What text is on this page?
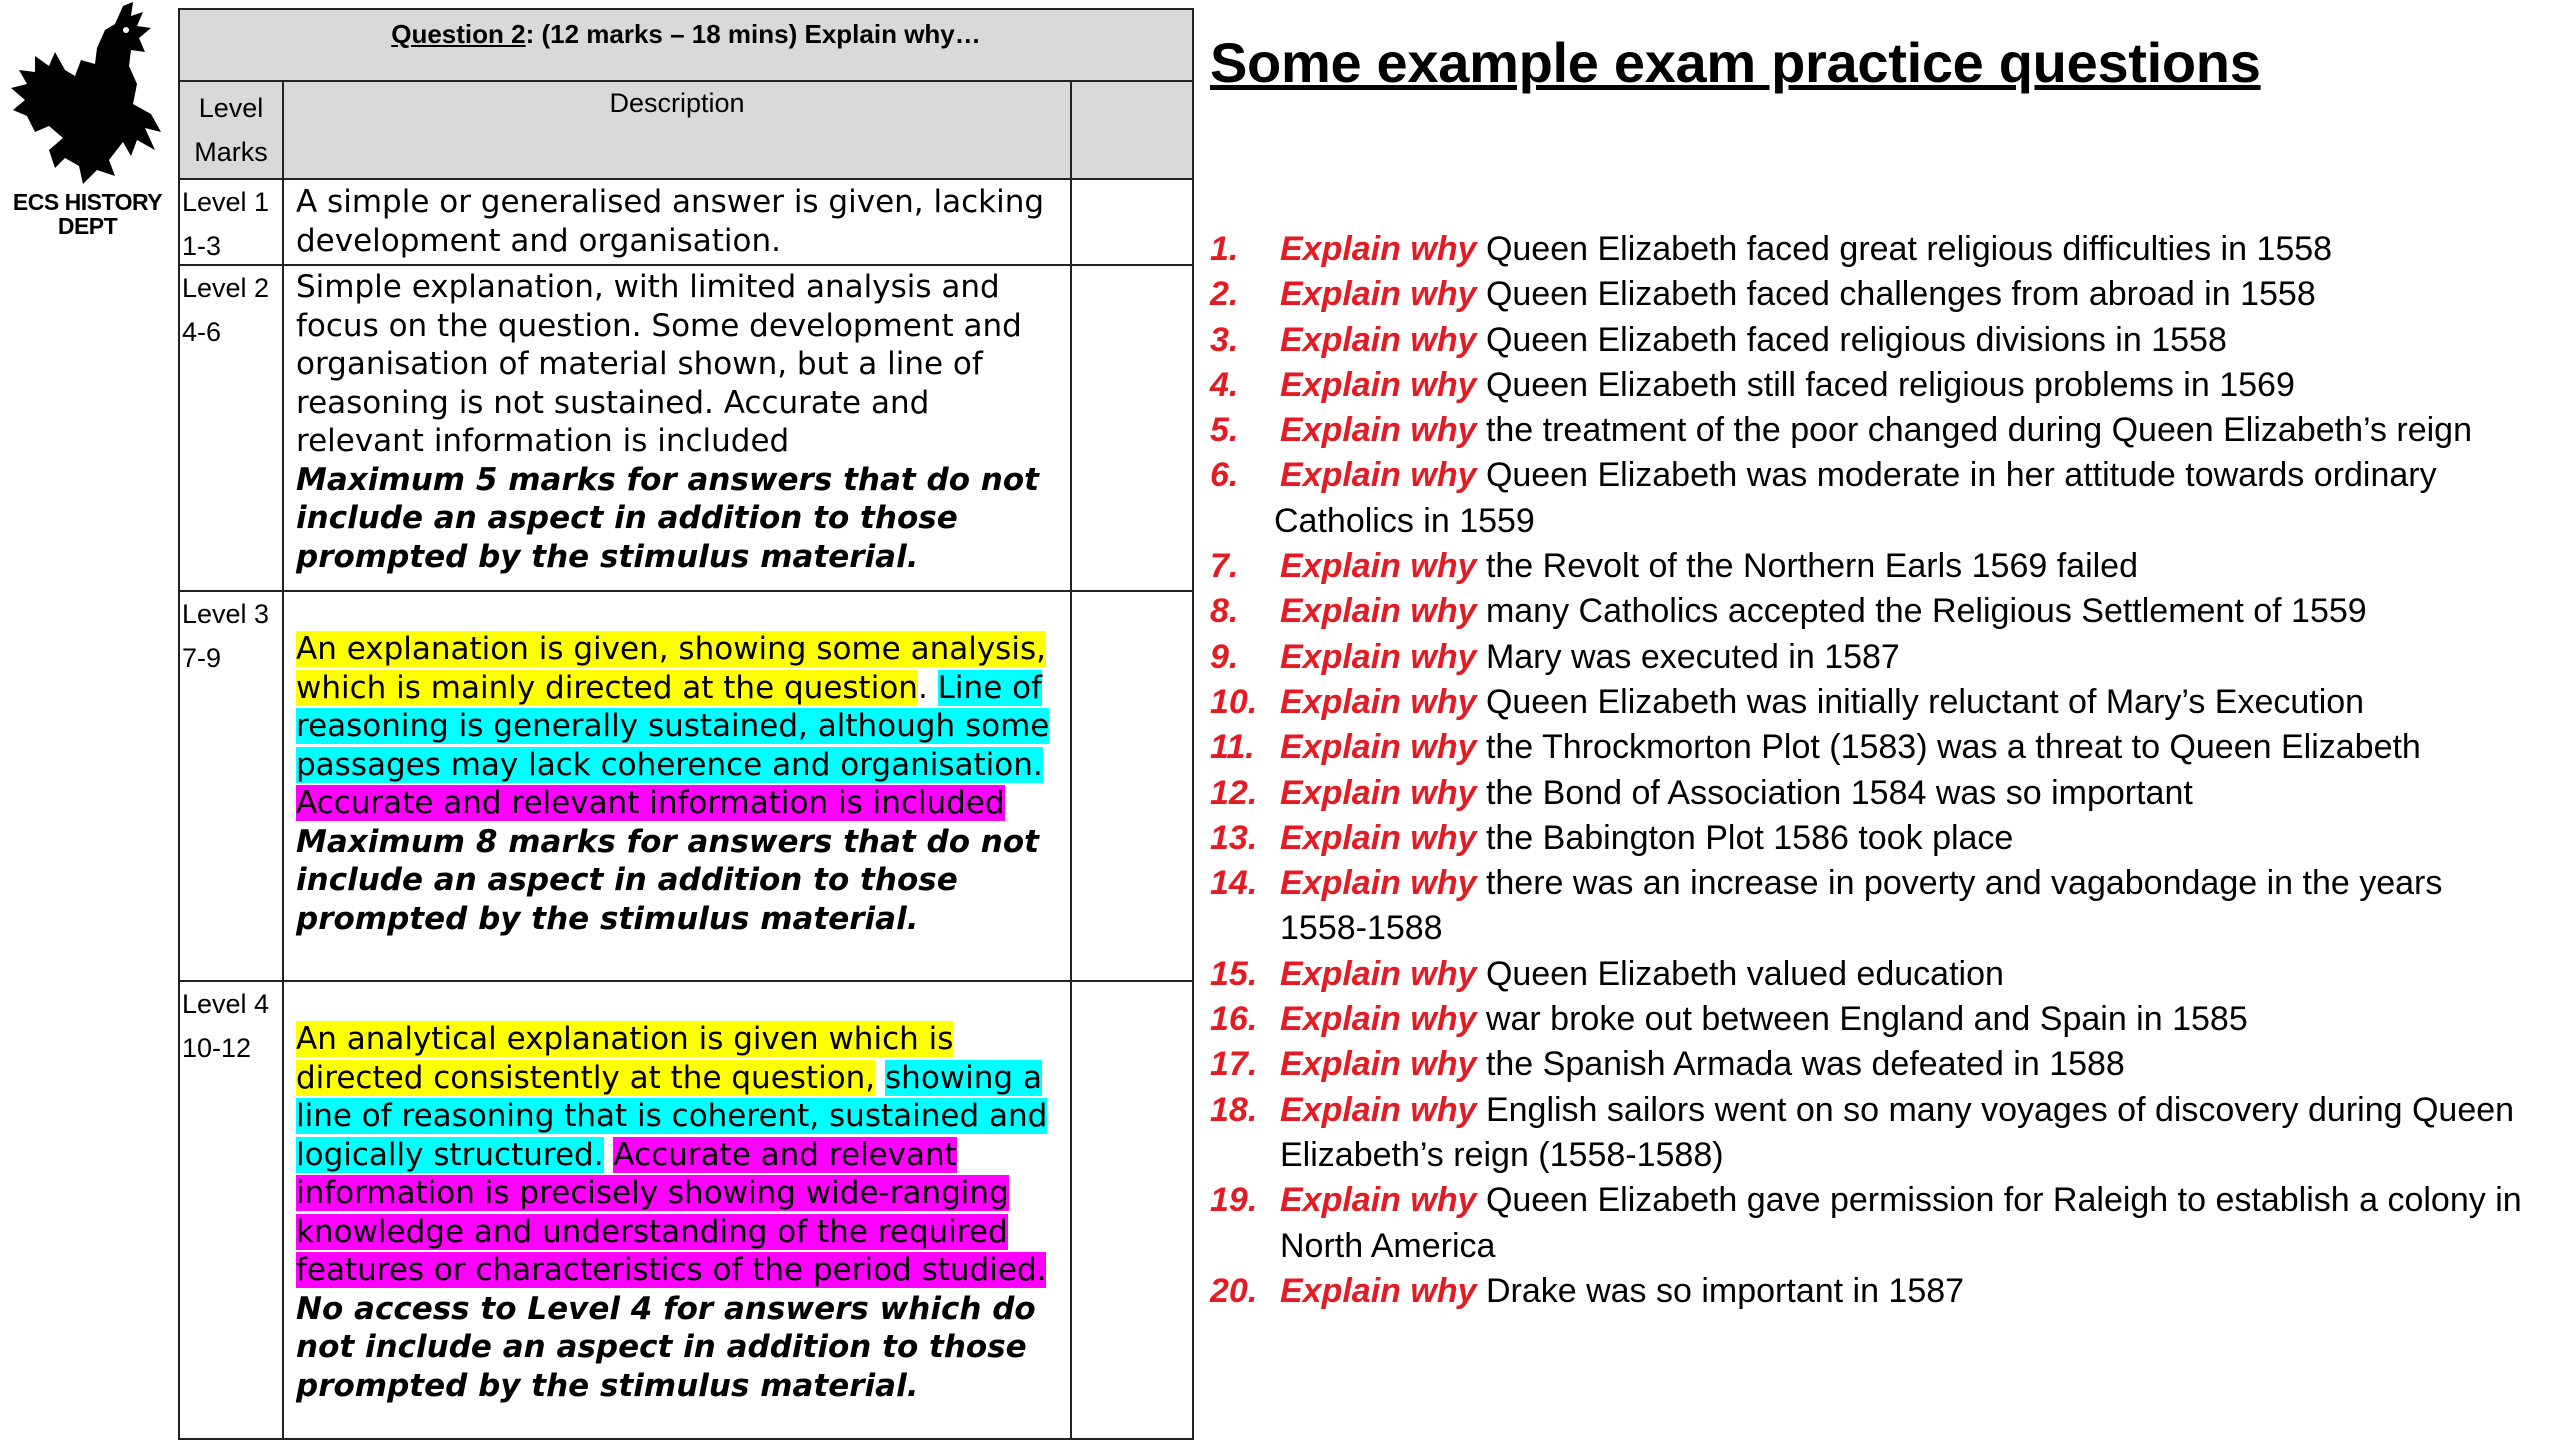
ECS HISTORY
DEPT
Question 2: (12 marks – 18 mins) Explain why…
Level
Marks
Description
Level 1
1-3
A simple or generalised answer is given, lacking development and organisation.
Level 2
4-6
Simple explanation, with limited analysis and focus on the question. Some development and organisation of material shown, but a line of reasoning is not sustained. Accurate and relevant information is included
Maximum 5 marks for answers that do not include an aspect in addition to those prompted by the stimulus material.
Level 3
7-9	An explanation is given, showing some analysis, which is mainly directed at the question. Line of reasoning is generally sustained, although some passages may lack coherence and organisation. Accurate and relevant information is included
Maximum 8 marks for answers that do not include an aspect in addition to those prompted by the stimulus material.
Level 4
10-12	An analytical explanation is given which is directed consistently at the question, showing a line of reasoning that is coherent, sustained and logically structured. Accurate and relevant information is precisely showing wide-ranging knowledge and understanding of the required features or characteristics of the period studied.
No access to Level 4 for answers which do not include an aspect in addition to those prompted by the stimulus material.
Some example exam practice questions
1. Explain why Queen Elizabeth faced great religious difficulties in 1558
2. Explain why Queen Elizabeth faced challenges from abroad in 1558
3. Explain why Queen Elizabeth faced religious divisions in 1558
4. Explain why Queen Elizabeth still faced religious problems in 1569
5. Explain why the treatment of the poor changed during Queen Elizabeth’s reign
6. Explain why Queen Elizabeth was moderate in her attitude towards ordinary
Catholics in 1559
7. Explain why the Revolt of the Northern Earls 1569 failed
8. Explain why many Catholics accepted the Religious Settlement of 1559
9. Explain why Mary was executed in 1587
10. Explain why Queen Elizabeth was initially reluctant of Mary’s Execution
11. Explain why the Throckmorton Plot (1583) was a threat to Queen Elizabeth
12. Explain why the Bond of Association 1584 was so important
13. Explain why the Babington Plot 1586 took place
14. Explain why there was an increase in poverty and vagabondage in the years
1558-1588
15. Explain why Queen Elizabeth valued education
16. Explain why war broke out between England and Spain in 1585
17. Explain why the Spanish Armada was defeated in 1588
18. Explain why English sailors went on so many voyages of discovery during Queen
Elizabeth’s reign (1558-1588)
19. Explain why Queen Elizabeth gave permission for Raleigh to establish a colony in
North America
20. Explain why Drake was so important in 1587
